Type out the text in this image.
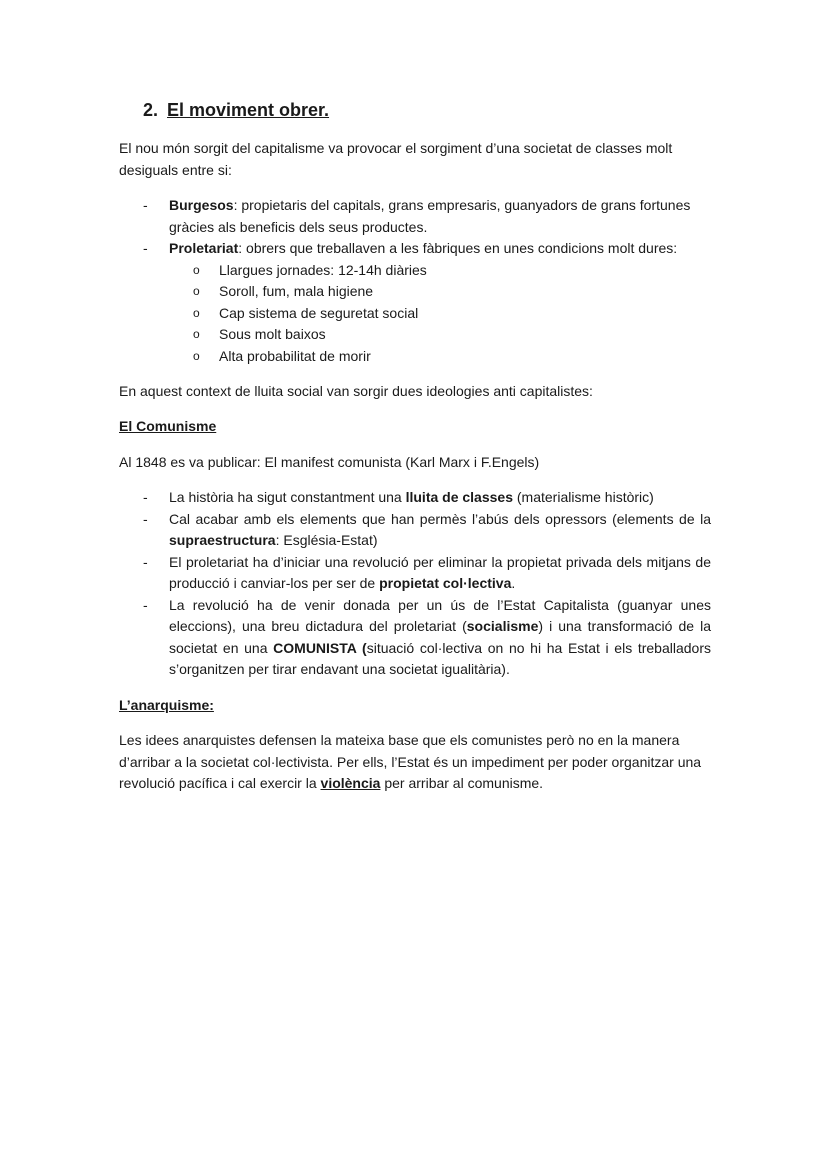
2. El moviment obrer.

El nou món sorgit del capitalisme va provocar el sorgiment d’una societat de classes molt desiguals entre si:

- Burgesos: propietaris del capitals, grans empresaris, guanyadors de grans fortunes gràcies als beneficis dels seus productes.
- Proletariat: obrers que treballaven a les fàbriques en unes condicions molt dures:
o Llargues jornades: 12-14h diàries
o Soroll, fum, mala higiene
o Cap sistema de seguretat social
o Sous molt baixos
o Alta probabilitat de morir

En aquest context de lluita social van sorgir dues ideologies anti capitalistes:

El Comunisme

Al 1848 es va publicar: El manifest comunista (Karl Marx i F.Engels)

- La història ha sigut constantment una lluita de classes (materialisme històric)
- Cal acabar amb els elements que han permès l’abús dels opressors (elements de la supraestructura: Església-Estat)
- El proletariat ha d’iniciar una revolució per eliminar la propietat privada dels mitjans de producció i canviar-los per ser de propietat col·lectiva.
- La revolució ha de venir donada per un ús de l’Estat Capitalista (guanyar unes eleccions), una breu dictadura del proletariat (socialisme) i una transformació de la societat en una COMUNISTA (situació col·lectiva on no hi ha Estat i els treballadors s’organitzen per tirar endavant una societat igualitària).
L’anarquisme:

Les idees anarquistes defensen la mateixa base que els comunistes però no en la manera d’arribar a la societat col·lectivista. Per ells, l’Estat és un impediment per poder organitzar una revolució pacífica i cal exercir la violència per arribar al comunisme.
